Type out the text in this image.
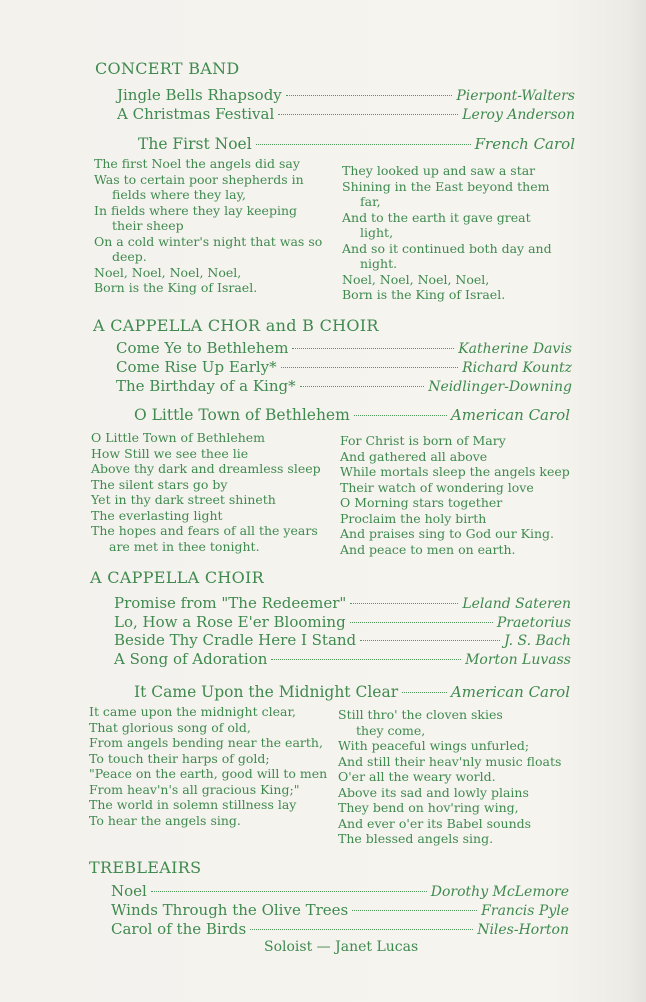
CONCERT BAND
Jingle Bells Rhapsody	Pierpont-Walters
A Christmas Festival	Leroy Anderson
The First Noel	French Carol
The first Noel the angels did say
Was to certain poor shepherds in
fields where they lay,
In fields where they lay keeping
their sheep
On a cold winter's night that was so
deep.
Noel, Noel, Noel, Noel,
Born is the King of Israel.
They looked up and saw a star
Shining in the East beyond them
far,
And to the earth it gave great
light,
And so it continued both day and
night.
Noel, Noel, Noel, Noel,
Born is the King of Israel.
A CAPPELLA CHOR and B CHOIR
Come Ye to Bethlehem	Katherine Davis
Come Rise Up Early*	Richard Kountz
The Birthday of a King*	Neidlinger-Downing
O Little Town of Bethlehem	American Carol
O Little Town of Bethlehem
How Still we see thee lie
Above thy dark and dreamless sleep
The silent stars go by
Yet in thy dark street shineth
The everlasting light
The hopes and fears of all the years
are met in thee tonight.
For Christ is born of Mary
And gathered all above
While mortals sleep the angels keep
Their watch of wondering love
O Morning stars together
Proclaim the holy birth
And praises sing to God our King.
And peace to men on earth.
A CAPPELLA CHOIR
Promise from "The Redeemer"	Leland Sateren
Lo, How a Rose E'er Blooming	Praetorius
Beside Thy Cradle Here I Stand	J. S. Bach
A Song of Adoration	Morton Luvass
It Came Upon the Midnight Clear	American Carol
It came upon the midnight clear,
That glorious song of old,
From angels bending near the earth,
To touch their harps of gold;
"Peace on the earth, good will to men
From heav'n's all gracious King;"
The world in solemn stillness lay
To hear the angels sing.
Still thro' the cloven skies
they come,
With peaceful wings unfurled;
And still their heav'nly music floats
O'er all the weary world.
Above its sad and lowly plains
They bend on hov'ring wing,
And ever o'er its Babel sounds
The blessed angels sing.
TREBLEAIRS
Noel	Dorothy McLemore
Winds Through the Olive Trees	Francis Pyle
Carol of the Birds	Niles-Horton
Soloist — Janet Lucas
